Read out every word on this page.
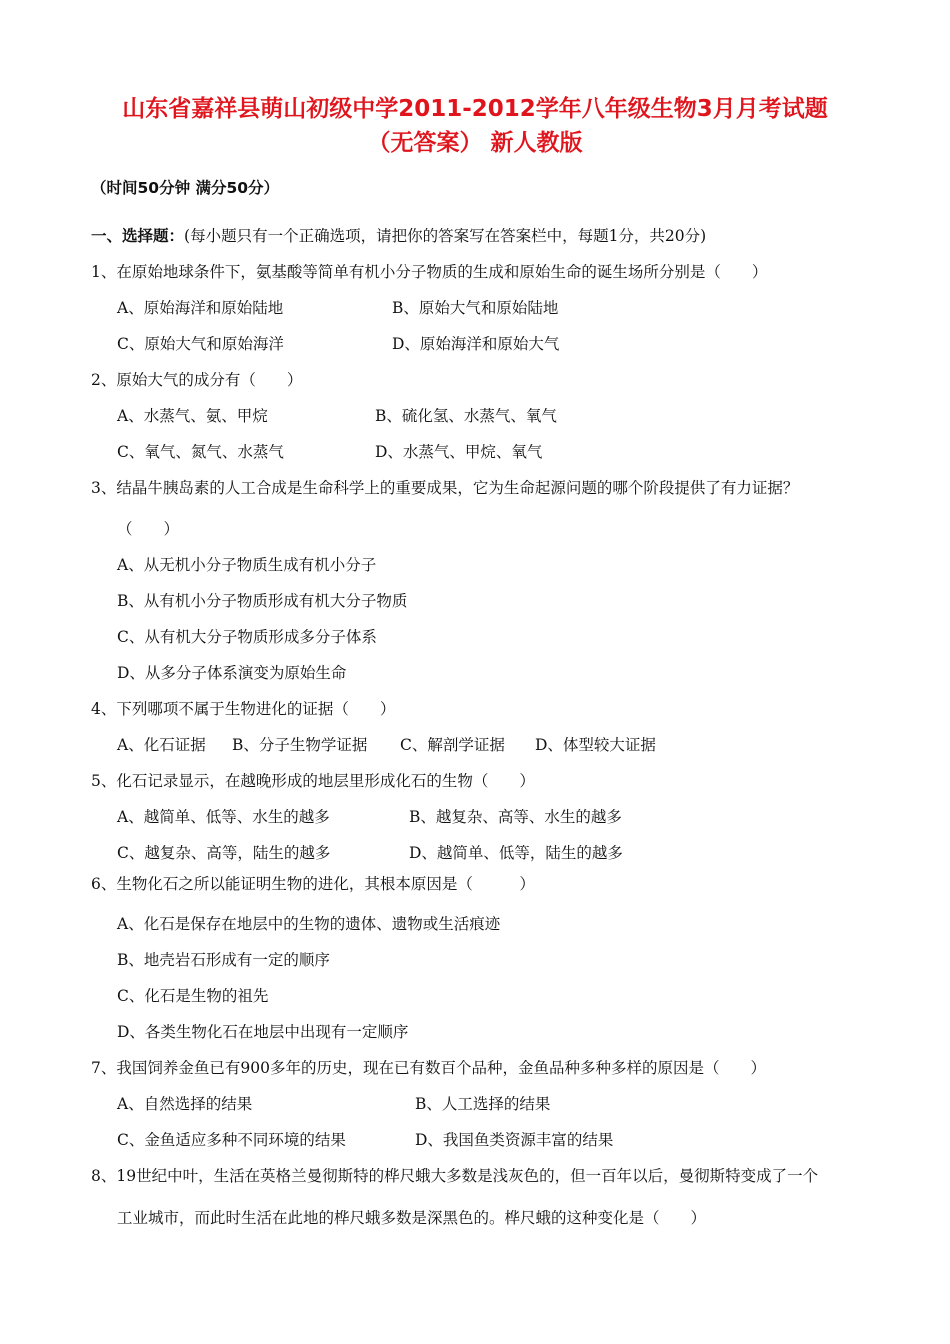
山东省嘉祥县萌山初级中学2011-2012学年八年级生物3月月考试题（无答案） 新人教版
（时间50分钟 满分50分）
一、选择题：(每小题只有一个正确选项，请把你的答案写在答案栏中，每题1分，共20分)
1、在原始地球条件下，氨基酸等简单有机小分子物质的生成和原始生命的诞生场所分别是（　　）
A、原始海洋和原始陆地	B、原始大气和原始陆地
C、原始大气和原始海洋	D、原始海洋和原始大气
2、原始大气的成分有（　　）
A、水蒸气、氨、甲烷	B、硫化氢、水蒸气、氧气
C、氧气、氮气、水蒸气	D、水蒸气、甲烷、氧气
3、结晶牛胰岛素的人工合成是生命科学上的重要成果，它为生命起源问题的哪个阶段提供了有力证据？
（　　）
A、从无机小分子物质生成有机小分子
B、从有机小分子物质形成有机大分子物质
C、从有机大分子物质形成多分子体系
D、从多分子体系演变为原始生命
4、下列哪项不属于生物进化的证据（　　）
A、化石证据 B、分子生物学证据 C、解剖学证据 D、体型较大证据
5、化石记录显示，在越晚形成的地层里形成化石的生物（　　）
A、越简单、低等、水生的越多	B、越复杂、高等、水生的越多
C、越复杂、高等，陆生的越多	D、越简单、低等，陆生的越多
6、生物化石之所以能证明生物的进化，其根本原因是（　　　）
A、化石是保存在地层中的生物的遗体、遗物或生活痕迹
B、地壳岩石形成有一定的顺序
C、化石是生物的祖先
D、各类生物化石在地层中出现有一定顺序
7、我国饲养金鱼已有900多年的历史，现在已有数百个品种，金鱼品种多种多样的原因是（　　）
A、自然选择的结果	B、人工选择的结果
C、金鱼适应多种不同环境的结果	D、我国鱼类资源丰富的结果
8、19世纪中叶，生活在英格兰曼彻斯特的桦尺蛾大多数是浅灰色的，但一百年以后，曼彻斯特变成了一个
工业城市，而此时生活在此地的桦尺蛾多数是深黑色的。桦尺蛾的这种变化是（　　）
